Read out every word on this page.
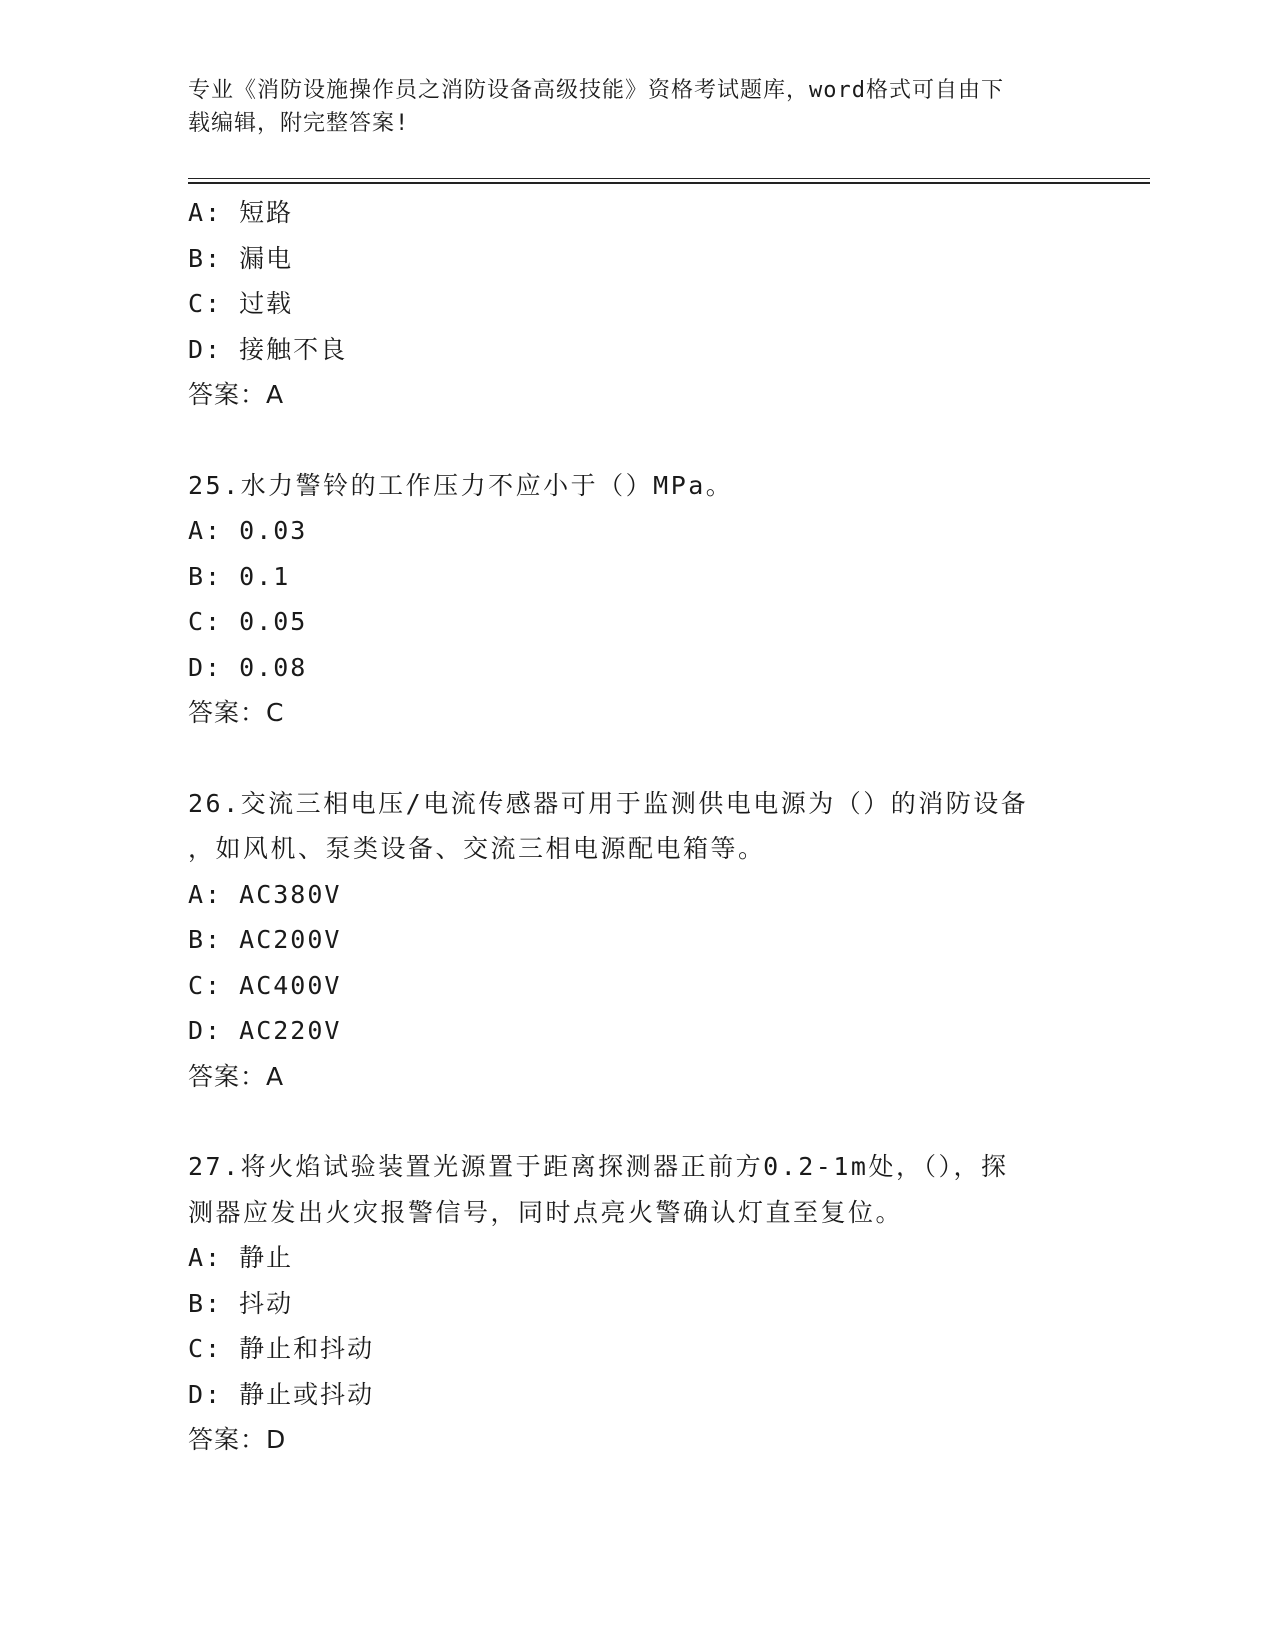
专业《消防设施操作员之消防设备高级技能》资格考试题库，word格式可自由下
载编辑，附完整答案!
A: 短路
B: 漏电
C: 过载
D: 接触不良
答案：A
25.水力警铃的工作压力不应小于（）MPa。
A: 0.03
B: 0.1
C: 0.05
D: 0.08
答案：C
26.交流三相电压/电流传感器可用于监测供电电源为（）的消防设备
，如风机、泵类设备、交流三相电源配电箱等。
A: AC380V
B: AC200V
C: AC400V
D: AC220V
答案：A
27.将火焰试验装置光源置于距离探测器正前方0.2-1m处，（），探
测器应发出火灾报警信号，同时点亮火警确认灯直至复位。
A: 静止
B: 抖动
C: 静止和抖动
D: 静止或抖动
答案：D
